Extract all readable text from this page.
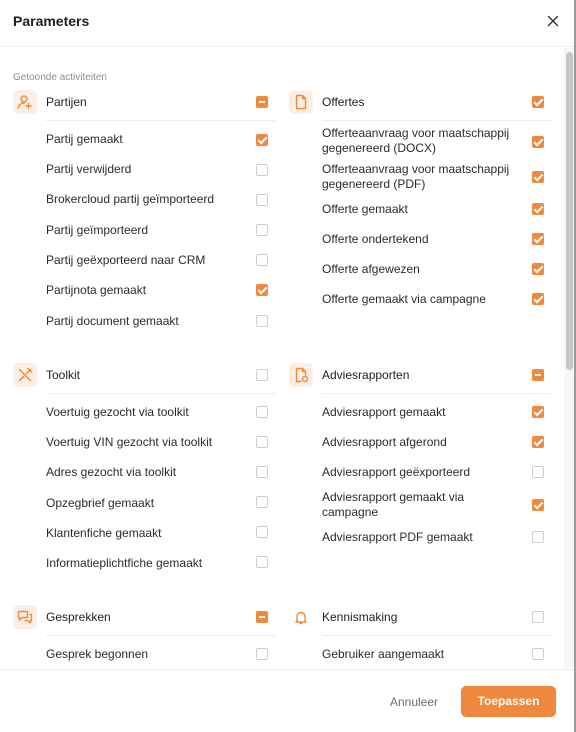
Parameters
Getoonde activiteiten
Partijen
Partij gemaakt
Partij verwijderd
Brokercloud partij geïmporteerd
Partij geïmporteerd
Partij geëxporteerd naar CRM
Partijnota gemaakt
Partij document gemaakt
Toolkit
Voertuig gezocht via toolkit
Voertuig VIN gezocht via toolkit
Adres gezocht via toolkit
Opzegbrief gemaakt
Klantenfiche gemaakt
Informatieplichtfiche gemaakt
Gesprekken
Gesprek begonnen
Offertes
Offerteaanvraag voor maatschappij gegenereerd (DOCX)
Offerteaanvraag voor maatschappij gegenereerd (PDF)
Offerte gemaakt
Offerte ondertekend
Offerte afgewezen
Offerte gemaakt via campagne
Adviesrapporten
Adviesrapport gemaakt
Adviesrapport afgerond
Adviesrapport geëxporteerd
Adviesrapport gemaakt via campagne
Adviesrapport PDF gemaakt
Kennismaking
Gebruiker aangemaakt
Annuleer	Toepassen
